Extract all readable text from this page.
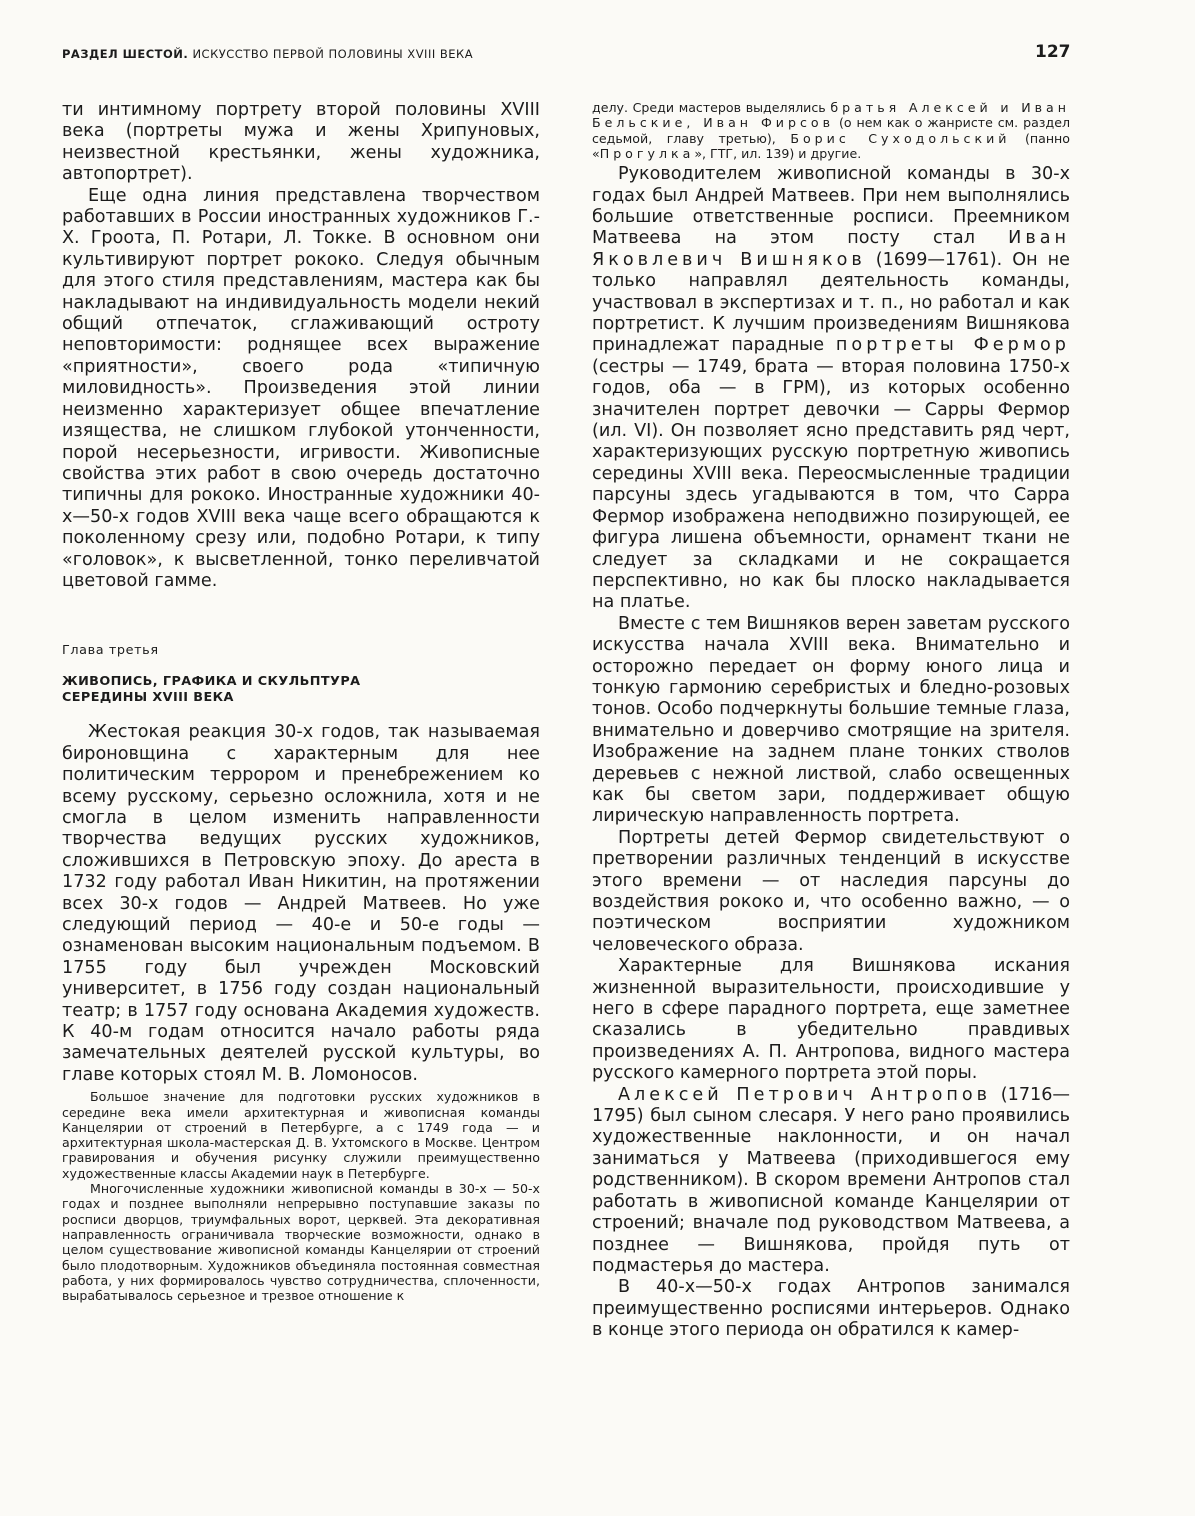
РАЗДЕЛ ШЕСТОЙ. ИСКУССТВО ПЕРВОЙ ПОЛОВИНЫ XVIII ВЕКА	127

ти интимному портрету второй половины XVIII века (портреты мужа и жены Хрипуновых, неизвестной крестьянки, жены художника, автопортрет).

Еще одна линия представлена творчеством работавших в России иностранных художников Г.-Х. Гроота, П. Ротари, Л. Токке. В основном они культивируют портрет рококо. Следуя обычным для этого стиля представлениям, мастера как бы накладывают на индивидуальность модели некий общий отпечаток, сглаживающий остроту неповторимости: роднящее всех выражение «приятности», своего рода «типичную миловидность». Произведения этой линии неизменно характеризует общее впечатление изящества, не слишком глубокой утонченности, порой несерьезности, игривости. Живописные свойства этих работ в свою очередь достаточно типичны для рококо. Иностранные художники 40-х—50-х годов XVIII века чаще всего обращаются к поколенному срезу или, подобно Ротари, к типу «головок», к высветленной, тонко переливчатой цветовой гамме.

Глава третья
ЖИВОПИСЬ, ГРАФИКА И СКУЛЬПТУРА
СЕРЕДИНЫ XVIII ВЕКА

Жестокая реакция 30-х годов, так называемая бироновщина с характерным для нее политическим террором и пренебрежением ко всему русскому, серьезно осложнила, хотя и не смогла в целом изменить направленности творчества ведущих русских художников, сложившихся в Петровскую эпоху. До ареста в 1732 году работал Иван Никитин, на протяжении всех 30-х годов — Андрей Матвеев. Но уже следующий период — 40-е и 50-е годы — ознаменован высоким национальным подъемом. В 1755 году был учрежден Московский университет, в 1756 году создан национальный театр; в 1757 году основана Академия художеств. К 40-м годам относится начало работы ряда замечательных деятелей русской культуры, во главе которых стоял М. В. Ломоносов.

Большое значение для подготовки русских художников в середине века имели архитектурная и живописная команды Канцелярии от строений в Петербурге, а с 1749 года — и архитектурная школа-мастерская Д. В. Ухтомского в Москве. Центром гравирования и обучения рисунку служили преимущественно художественные классы Академии наук в Петербурге.

Многочисленные художники живописной команды в 30-х — 50-х годах и позднее выполняли непрерывно поступавшие заказы по росписи дворцов, триумфальных ворот, церквей. Эта декоративная направленность ограничивала творческие возможности, однако в целом существование живописной команды Канцелярии от строений было плодотворным. Художников объединяла постоянная совместная работа, у них формировалось чувство сотрудничества, сплоченности, вырабатывалось серьезное и трезвое отношение к

делу. Среди мастеров выделялись братья Алексей и Иван Бельские, Иван Фирсов (о нем как о жанристе см. раздел седьмой, главу третью), Борис Суходольский (панно «Прогулка», ГТГ, ил. 139) и другие.

Руководителем живописной команды в 30-х годах был Андрей Матвеев. При нем выполнялись большие ответственные росписи. Преемником Матвеева на этом посту стал Иван Яковлевич Вишняков (1699—1761). Он не только направлял деятельность команды, участвовал в экспертизах и т. п., но работал и как портретист. К лучшим произведениям Вишнякова принадлежат парадные портреты Фермор (сестры — 1749, брата — вторая половина 1750-х годов, оба — в ГРМ), из которых особенно значителен портрет девочки — Сарры Фермор (ил. VI). Он позволяет ясно представить ряд черт, характеризующих русскую портретную живопись середины XVIII века. Переосмысленные традиции парсуны здесь угадываются в том, что Сарра Фермор изображена неподвижно позирующей, ее фигура лишена объемности, орнамент ткани не следует за складками и не сокращается перспективно, но как бы плоско накладывается на платье.

Вместе с тем Вишняков верен заветам русского искусства начала XVIII века. Внимательно и осторожно передает он форму юного лица и тонкую гармонию серебристых и бледно-розовых тонов. Особо подчеркнуты большие темные глаза, внимательно и доверчиво смотрящие на зрителя. Изображение на заднем плане тонких стволов деревьев с нежной листвой, слабо освещенных как бы светом зари, поддерживает общую лирическую направленность портрета.

Портреты детей Фермор свидетельствуют о претворении различных тенденций в искусстве этого времени — от наследия парсуны до воздействия рококо и, что особенно важно, — о поэтическом восприятии художником человеческого образа.

Характерные для Вишнякова искания жизненной выразительности, происходившие у него в сфере парадного портрета, еще заметнее сказались в убедительно правдивых произведениях А. П. Антропова, видного мастера русского камерного портрета этой поры.

Алексей Петрович Антропов (1716—1795) был сыном слесаря. У него рано проявились художественные наклонности, и он начал заниматься у Матвеева (приходившегося ему родственником). В скором времени Антропов стал работать в живописной команде Канцелярии от строений; вначале под руководством Матвеева, а позднее — Вишнякова, пройдя путь от подмастерья до мастера.

В 40-х—50-х годах Антропов занимался преимущественно росписями интерьеров. Однако в конце этого периода он обратился к камер-
